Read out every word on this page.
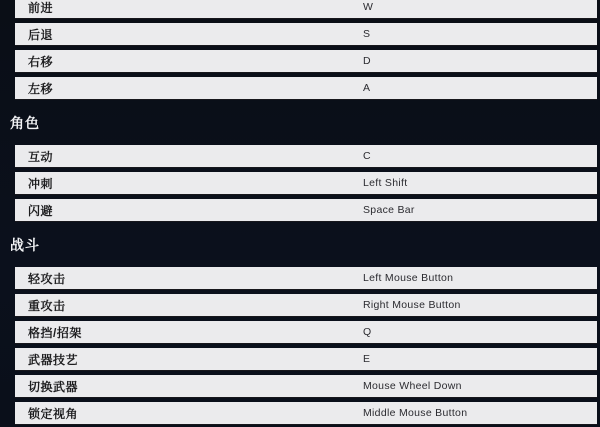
前进	W
后退	S
右移	D
左移	A
角色
互动	C
冲刺	Left Shift
闪避	Space Bar
战斗
轻攻击	Left Mouse Button
重攻击	Right Mouse Button
格挡/招架	Q
武器技艺	E
切换武器	Mouse Wheel Down
锁定视角	Middle Mouse Button
